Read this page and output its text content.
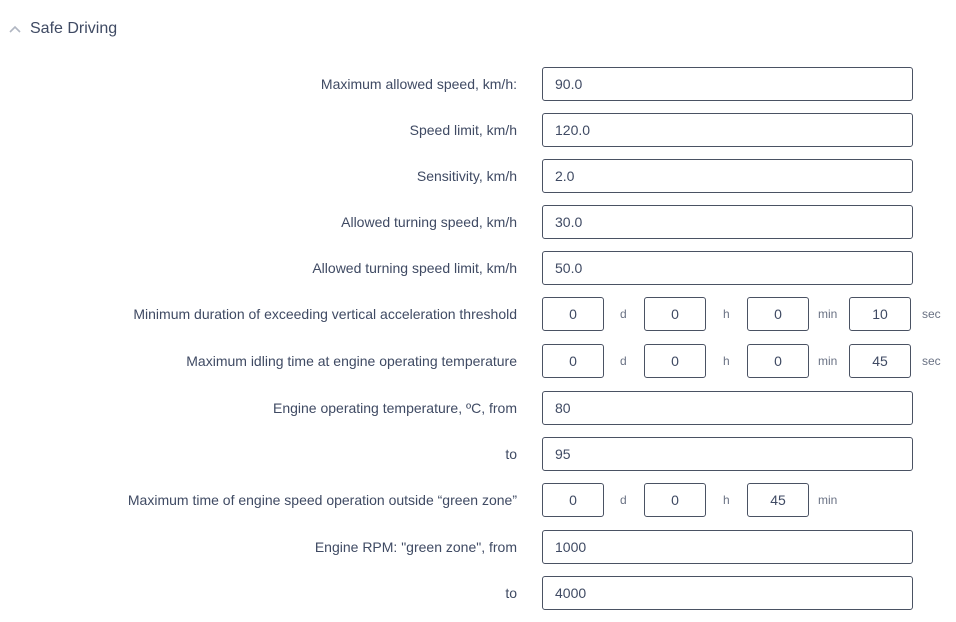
Safe Driving
Maximum allowed speed, km/h:
90.0
Speed limit, km/h
120.0
Sensitivity, km/h
2.0
Allowed turning speed, km/h
30.0
Allowed turning speed limit, km/h
50.0
Minimum duration of exceeding vertical acceleration threshold
0	d
0	h
0	min
10	sec
Maximum idling time at engine operating temperature
0	d
0	h
0	min
45	sec
Engine operating temperature, ºC, from
80
to
95
Maximum time of engine speed operation outside “green zone”
0	d
0	h
45	min
Engine RPM: "green zone", from
1000
to
4000
